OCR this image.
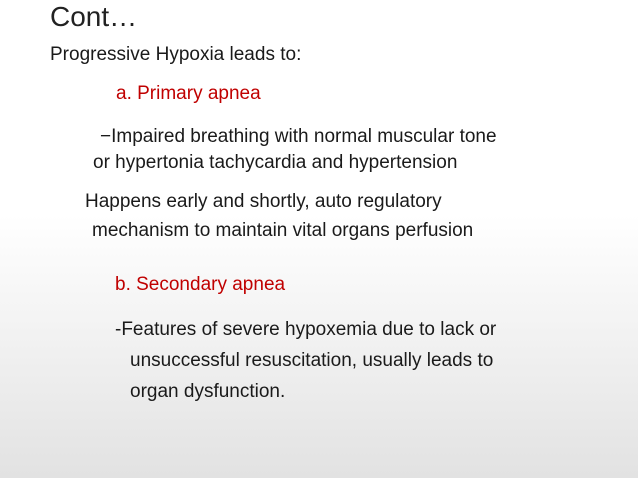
Cont…
Progressive Hypoxia leads to:
a. Primary apnea
−Impaired breathing with normal muscular tone
or hypertonia tachycardia and hypertension
Happens early and shortly, auto regulatory
mechanism to maintain vital organs perfusion
b. Secondary apnea
-Features of severe hypoxemia due to lack or
unsuccessful resuscitation, usually leads to
organ dysfunction.
